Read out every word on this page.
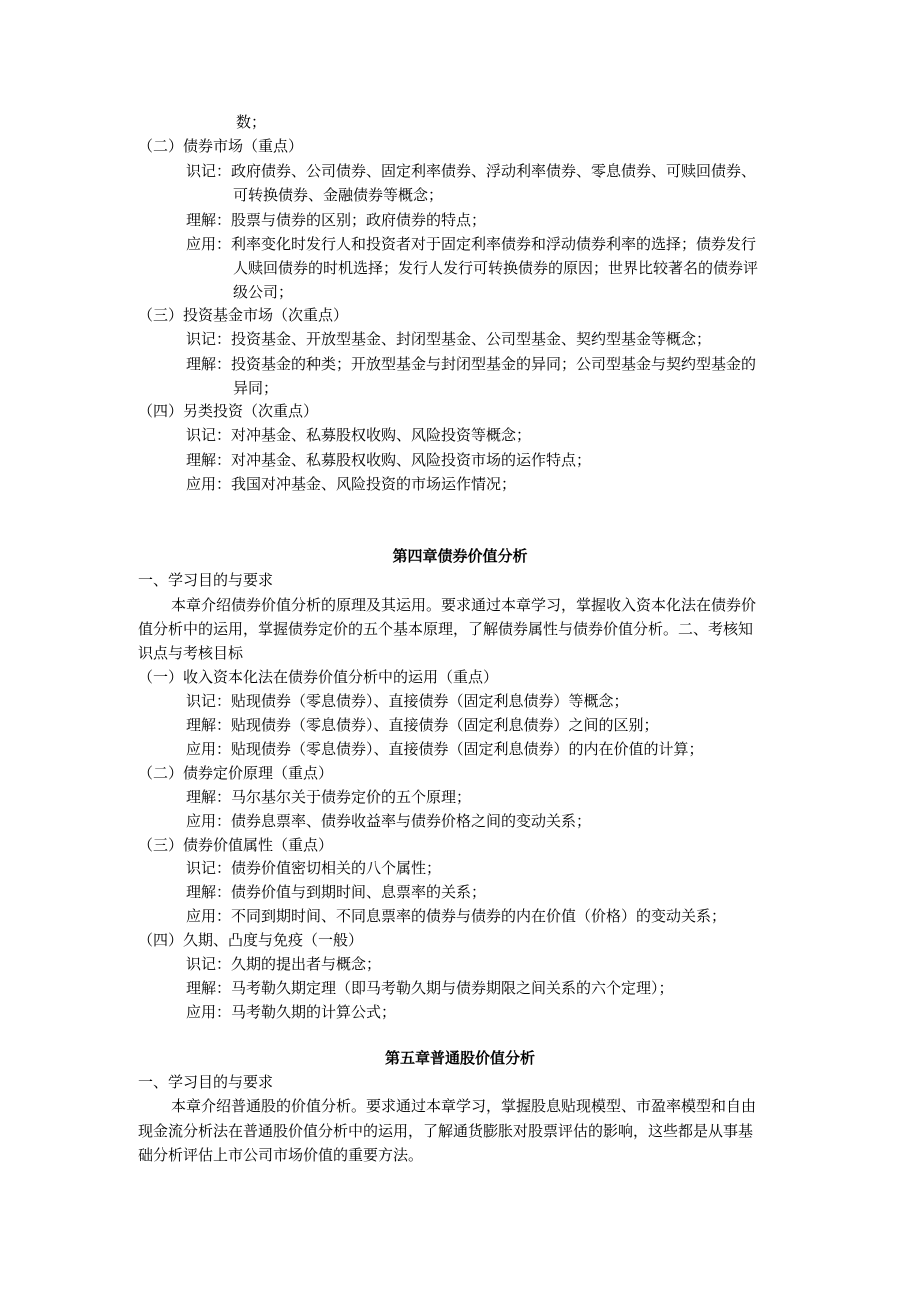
数；
（二）债券市场（重点）
识记：政府债券、公司债券、固定利率债券、浮动利率债券、零息债券、可赎回债券、
可转换债券、金融债券等概念；
理解：股票与债券的区别；政府债券的特点；
应用：利率变化时发行人和投资者对于固定利率债券和浮动债券利率的选择；债券发行
人赎回债券的时机选择；发行人发行可转换债券的原因；世界比较著名的债券评
级公司；
（三）投资基金市场（次重点）
识记：投资基金、开放型基金、封闭型基金、公司型基金、契约型基金等概念；
理解：投资基金的种类；开放型基金与封闭型基金的异同；公司型基金与契约型基金的
异同；
（四）另类投资（次重点）
识记：对冲基金、私募股权收购、风险投资等概念；
理解：对冲基金、私募股权收购、风险投资市场的运作特点；
应用：我国对冲基金、风险投资的市场运作情况；
第四章债券价值分析
一、学习目的与要求
本章介绍债券价值分析的原理及其运用。要求通过本章学习，掌握收入资本化法在债券价
值分析中的运用，掌握债券定价的五个基本原理，了解债券属性与债券价值分析。二、考核知
识点与考核目标
（一）收入资本化法在债券价值分析中的运用（重点）
识记：贴现债券（零息债券）、直接债券（固定利息债券）等概念；
理解：贴现债券（零息债券）、直接债券（固定利息债券）之间的区别；
应用：贴现债券（零息债券）、直接债券（固定利息债券）的内在价值的计算；
（二）债券定价原理（重点）
理解：马尔基尔关于债券定价的五个原理；
应用：债券息票率、债券收益率与债券价格之间的变动关系；
（三）债券价值属性（重点）
识记：债券价值密切相关的八个属性；
理解：债券价值与到期时间、息票率的关系；
应用：不同到期时间、不同息票率的债券与债券的内在价值（价格）的变动关系；
（四）久期、凸度与免疫（一般）
识记：久期的提出者与概念；
理解：马考勒久期定理（即马考勒久期与债券期限之间关系的六个定理）；
应用：马考勒久期的计算公式；
第五章普通股价值分析
一、学习目的与要求
本章介绍普通股的价值分析。要求通过本章学习，掌握股息贴现模型、市盈率模型和自由
现金流分析法在普通股价值分析中的运用，了解通货膨胀对股票评估的影响，这些都是从事基
础分析评估上市公司市场价值的重要方法。
